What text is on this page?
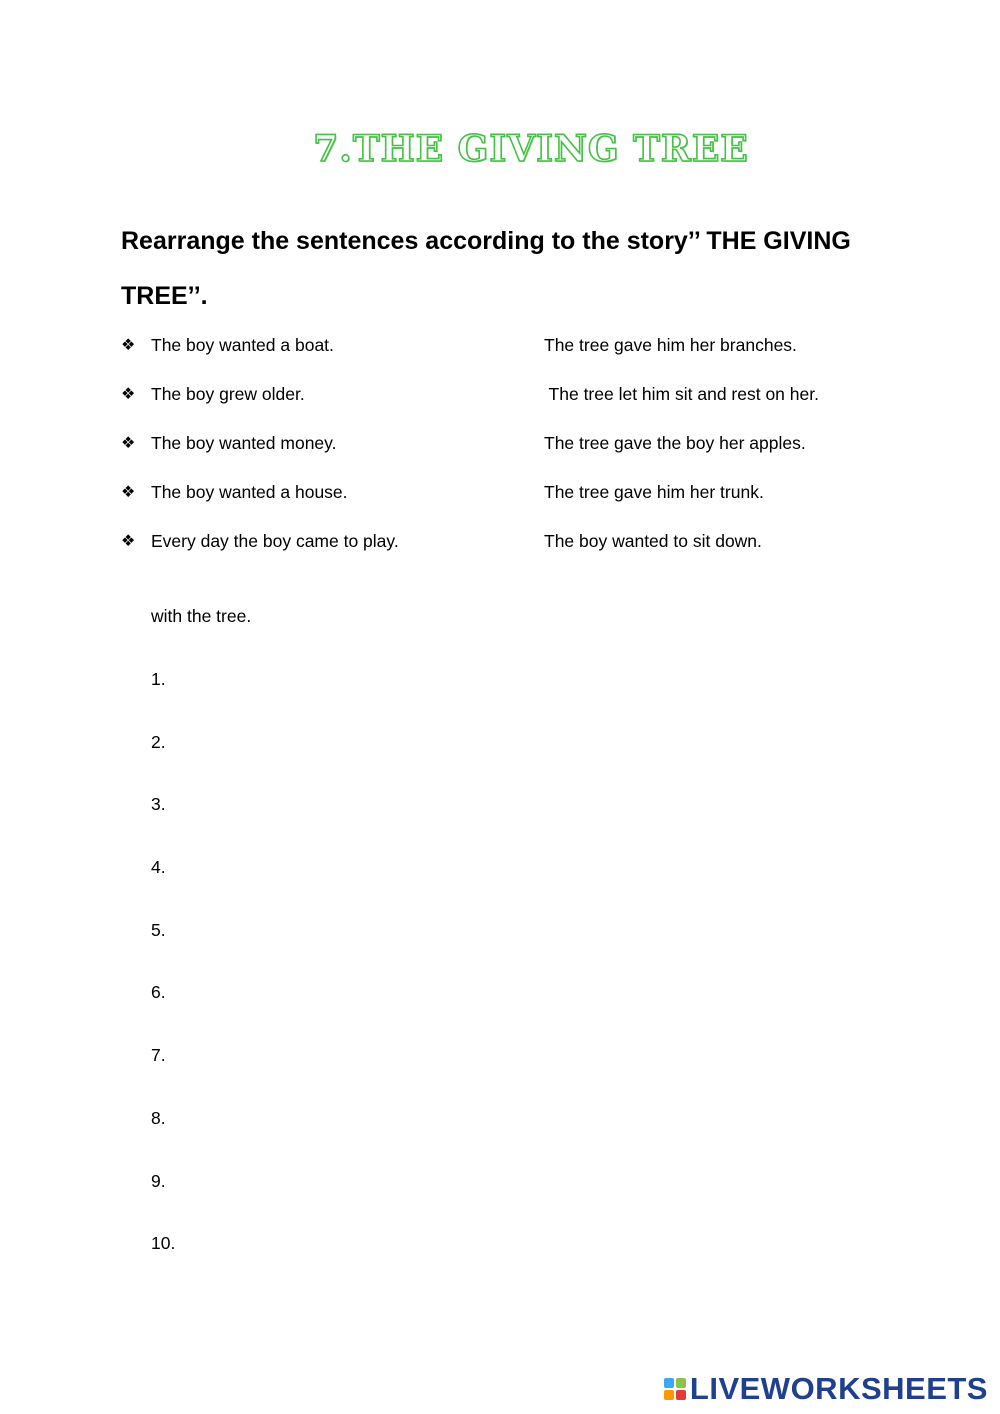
7.THE GIVING TREE
Rearrange the sentences according to the story’’ THE GIVING TREE’’.
❖ The boy wanted a boat.	The tree gave him her branches.
❖ The boy grew older.	The tree let him sit and rest on her.
❖ The boy wanted money.	The tree gave the boy her apples.
❖ The boy wanted a house.	The tree gave him her trunk.
❖ Every day the boy came to play.	The boy wanted to sit down.
with the tree.
1.
2.
3.
4.
5.
6.
7.
8.
9.
10.
LIVEWORKSHEETS
